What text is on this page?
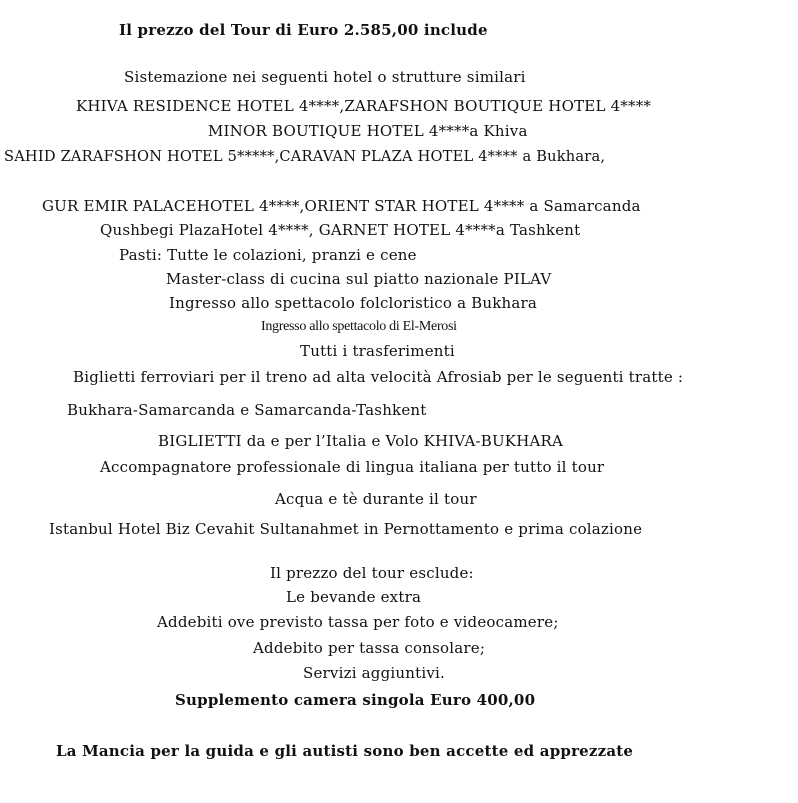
Il prezzo del Tour di Euro 2.585,00 include
Sistemazione nei seguenti hotel o strutture similari
KHIVA RESIDENCE HOTEL 4****,ZARAFSHON BOUTIQUE HOTEL 4****
MINOR BOUTIQUE HOTEL 4****a Khiva
SAHID ZARAFSHON HOTEL 5*****,CARAVAN PLAZA HOTEL 4**** a Bukhara,
GUR EMIR PALACEHOTEL 4****,ORIENT STAR HOTEL 4**** a Samarcanda
Qushbegi PlazaHotel 4****, GARNET HOTEL 4****a Tashkent
Pasti: Tutte le colazioni, pranzi e cene
Master-class di cucina sul piatto nazionale PILAV
Ingresso allo spettacolo folcloristico a Bukhara
Ingresso allo spettacolo di El-Merosi
Tutti i trasferimenti
Biglietti ferroviari per il treno ad alta velocità Afrosiab per le seguenti tratte :
Bukhara-Samarcanda e Samarcanda-Tashkent
BIGLIETTI da e per l’Italia e Volo KHIVA-BUKHARA
Accompagnatore professionale di lingua italiana per tutto il tour
Acqua e tè durante il tour
Istanbul Hotel Biz Cevahit Sultanahmet in Pernottamento e prima colazione
Il prezzo del tour esclude:
Le bevande extra
Addebiti ove previsto tassa per foto e videocamere;
Addebito per tassa consolare;
Servizi aggiuntivi.
Supplemento camera singola Euro 400,00
La Mancia per la guida e gli autisti sono ben accette ed apprezzate
